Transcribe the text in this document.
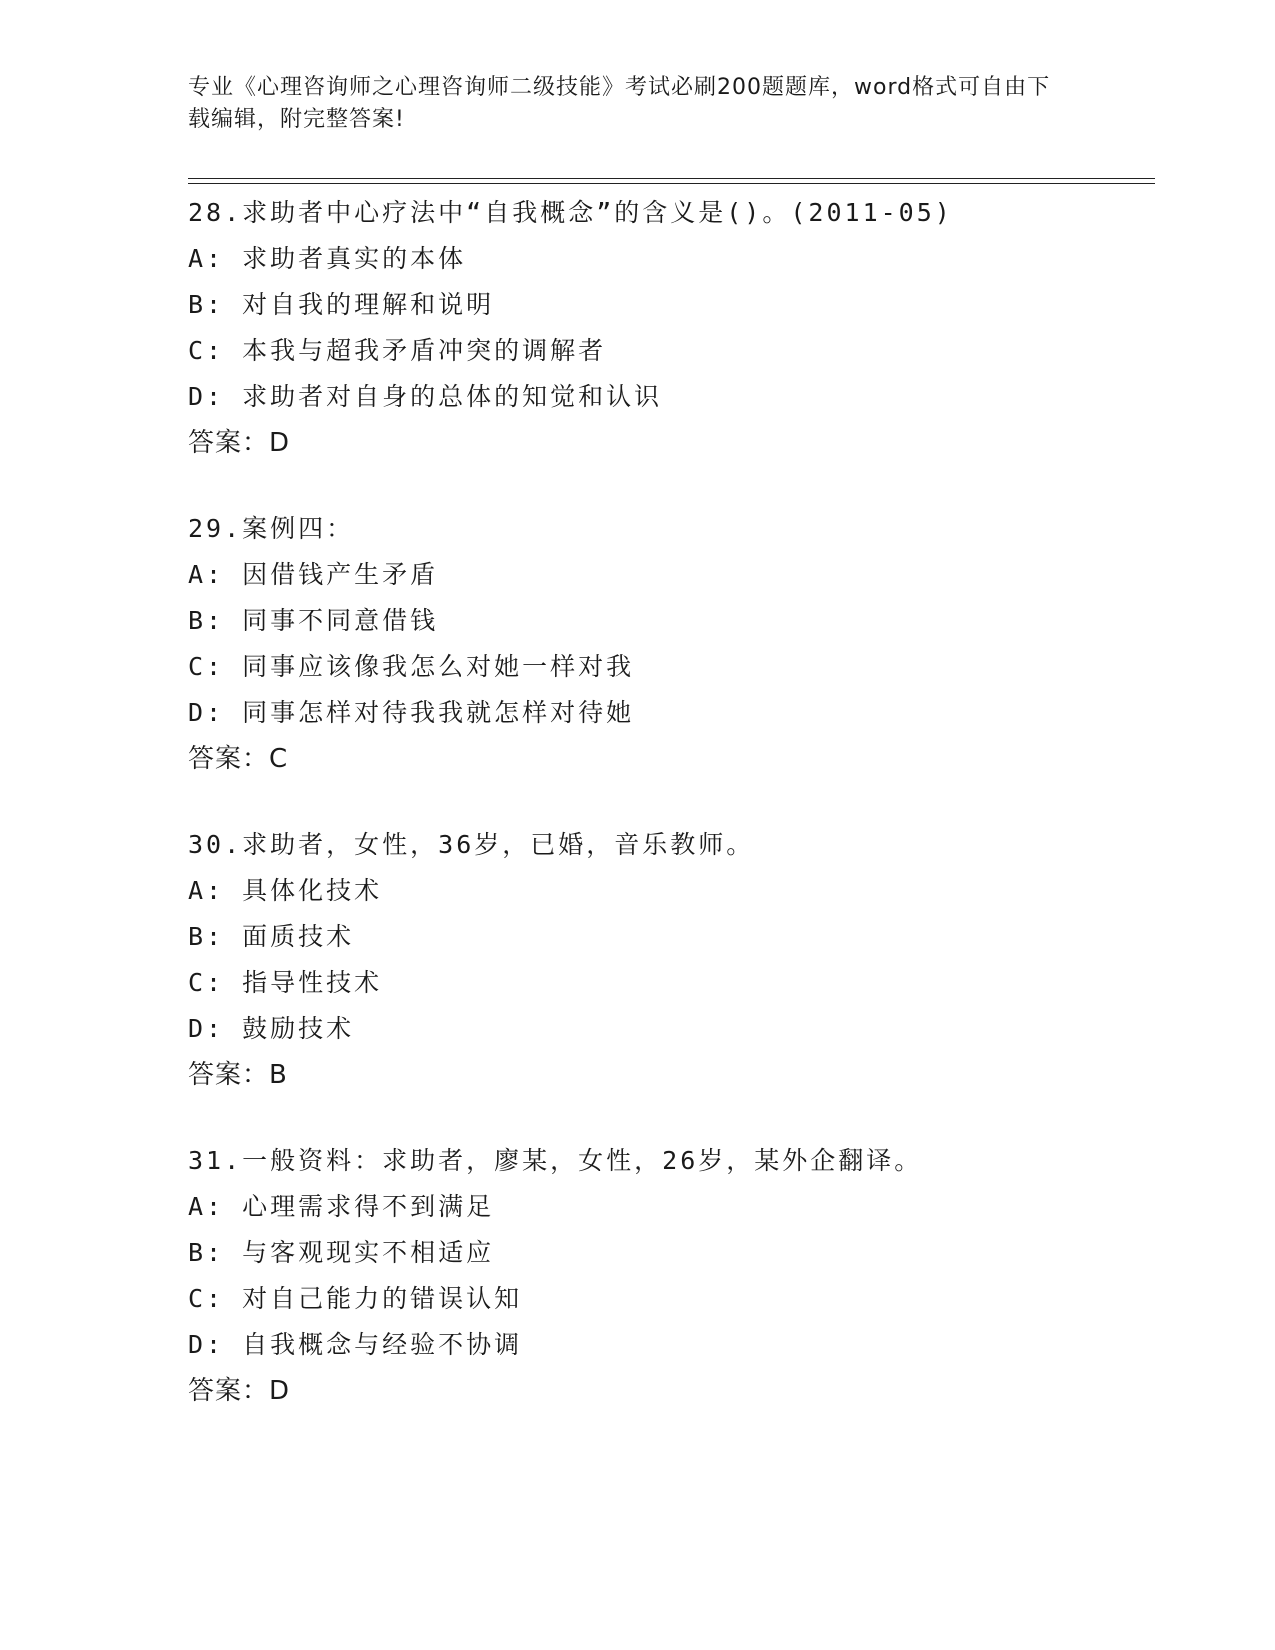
专业《心理咨询师之心理咨询师二级技能》考试必刷200题题库，word格式可自由下载编辑，附完整答案!
28.求助者中心疗法中“自我概念”的含义是()。(2011-05)
A: 求助者真实的本体
B: 对自我的理解和说明
C: 本我与超我矛盾冲突的调解者
D: 求助者对自身的总体的知觉和认识
答案：D
29.案例四：
A: 因借钱产生矛盾
B: 同事不同意借钱
C: 同事应该像我怎么对她一样对我
D: 同事怎样对待我我就怎样对待她
答案：C
30.求助者，女性，36岁，已婚，音乐教师。
A: 具体化技术
B: 面质技术
C: 指导性技术
D: 鼓励技术
答案：B
31.一般资料：求助者，廖某，女性，26岁，某外企翻译。
A: 心理需求得不到满足
B: 与客观现实不相适应
C: 对自己能力的错误认知
D: 自我概念与经验不协调
答案：D
